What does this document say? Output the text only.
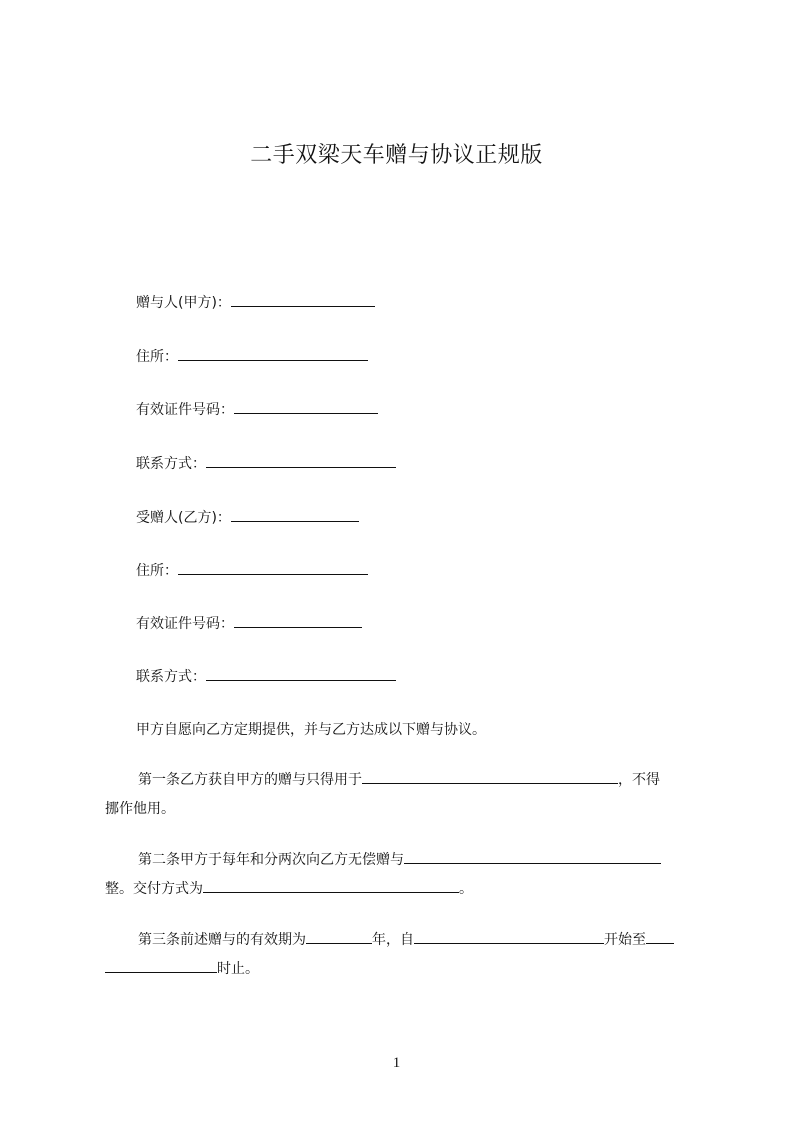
二手双梁天车赠与协议正规版
赠与人(甲方)：
住所：
有效证件号码：
联系方式：
受赠人(乙方)：
住所：
有效证件号码：
联系方式：
甲方自愿向乙方定期提供，并与乙方达成以下赠与协议。
第一条乙方获自甲方的赠与只得用于	，不得
挪作他用。
第二条甲方于每年和分两次向乙方无偿赠与
整。交付方式为	。
第三条前述赠与的有效期为	年，自	开始至
时止。
1
